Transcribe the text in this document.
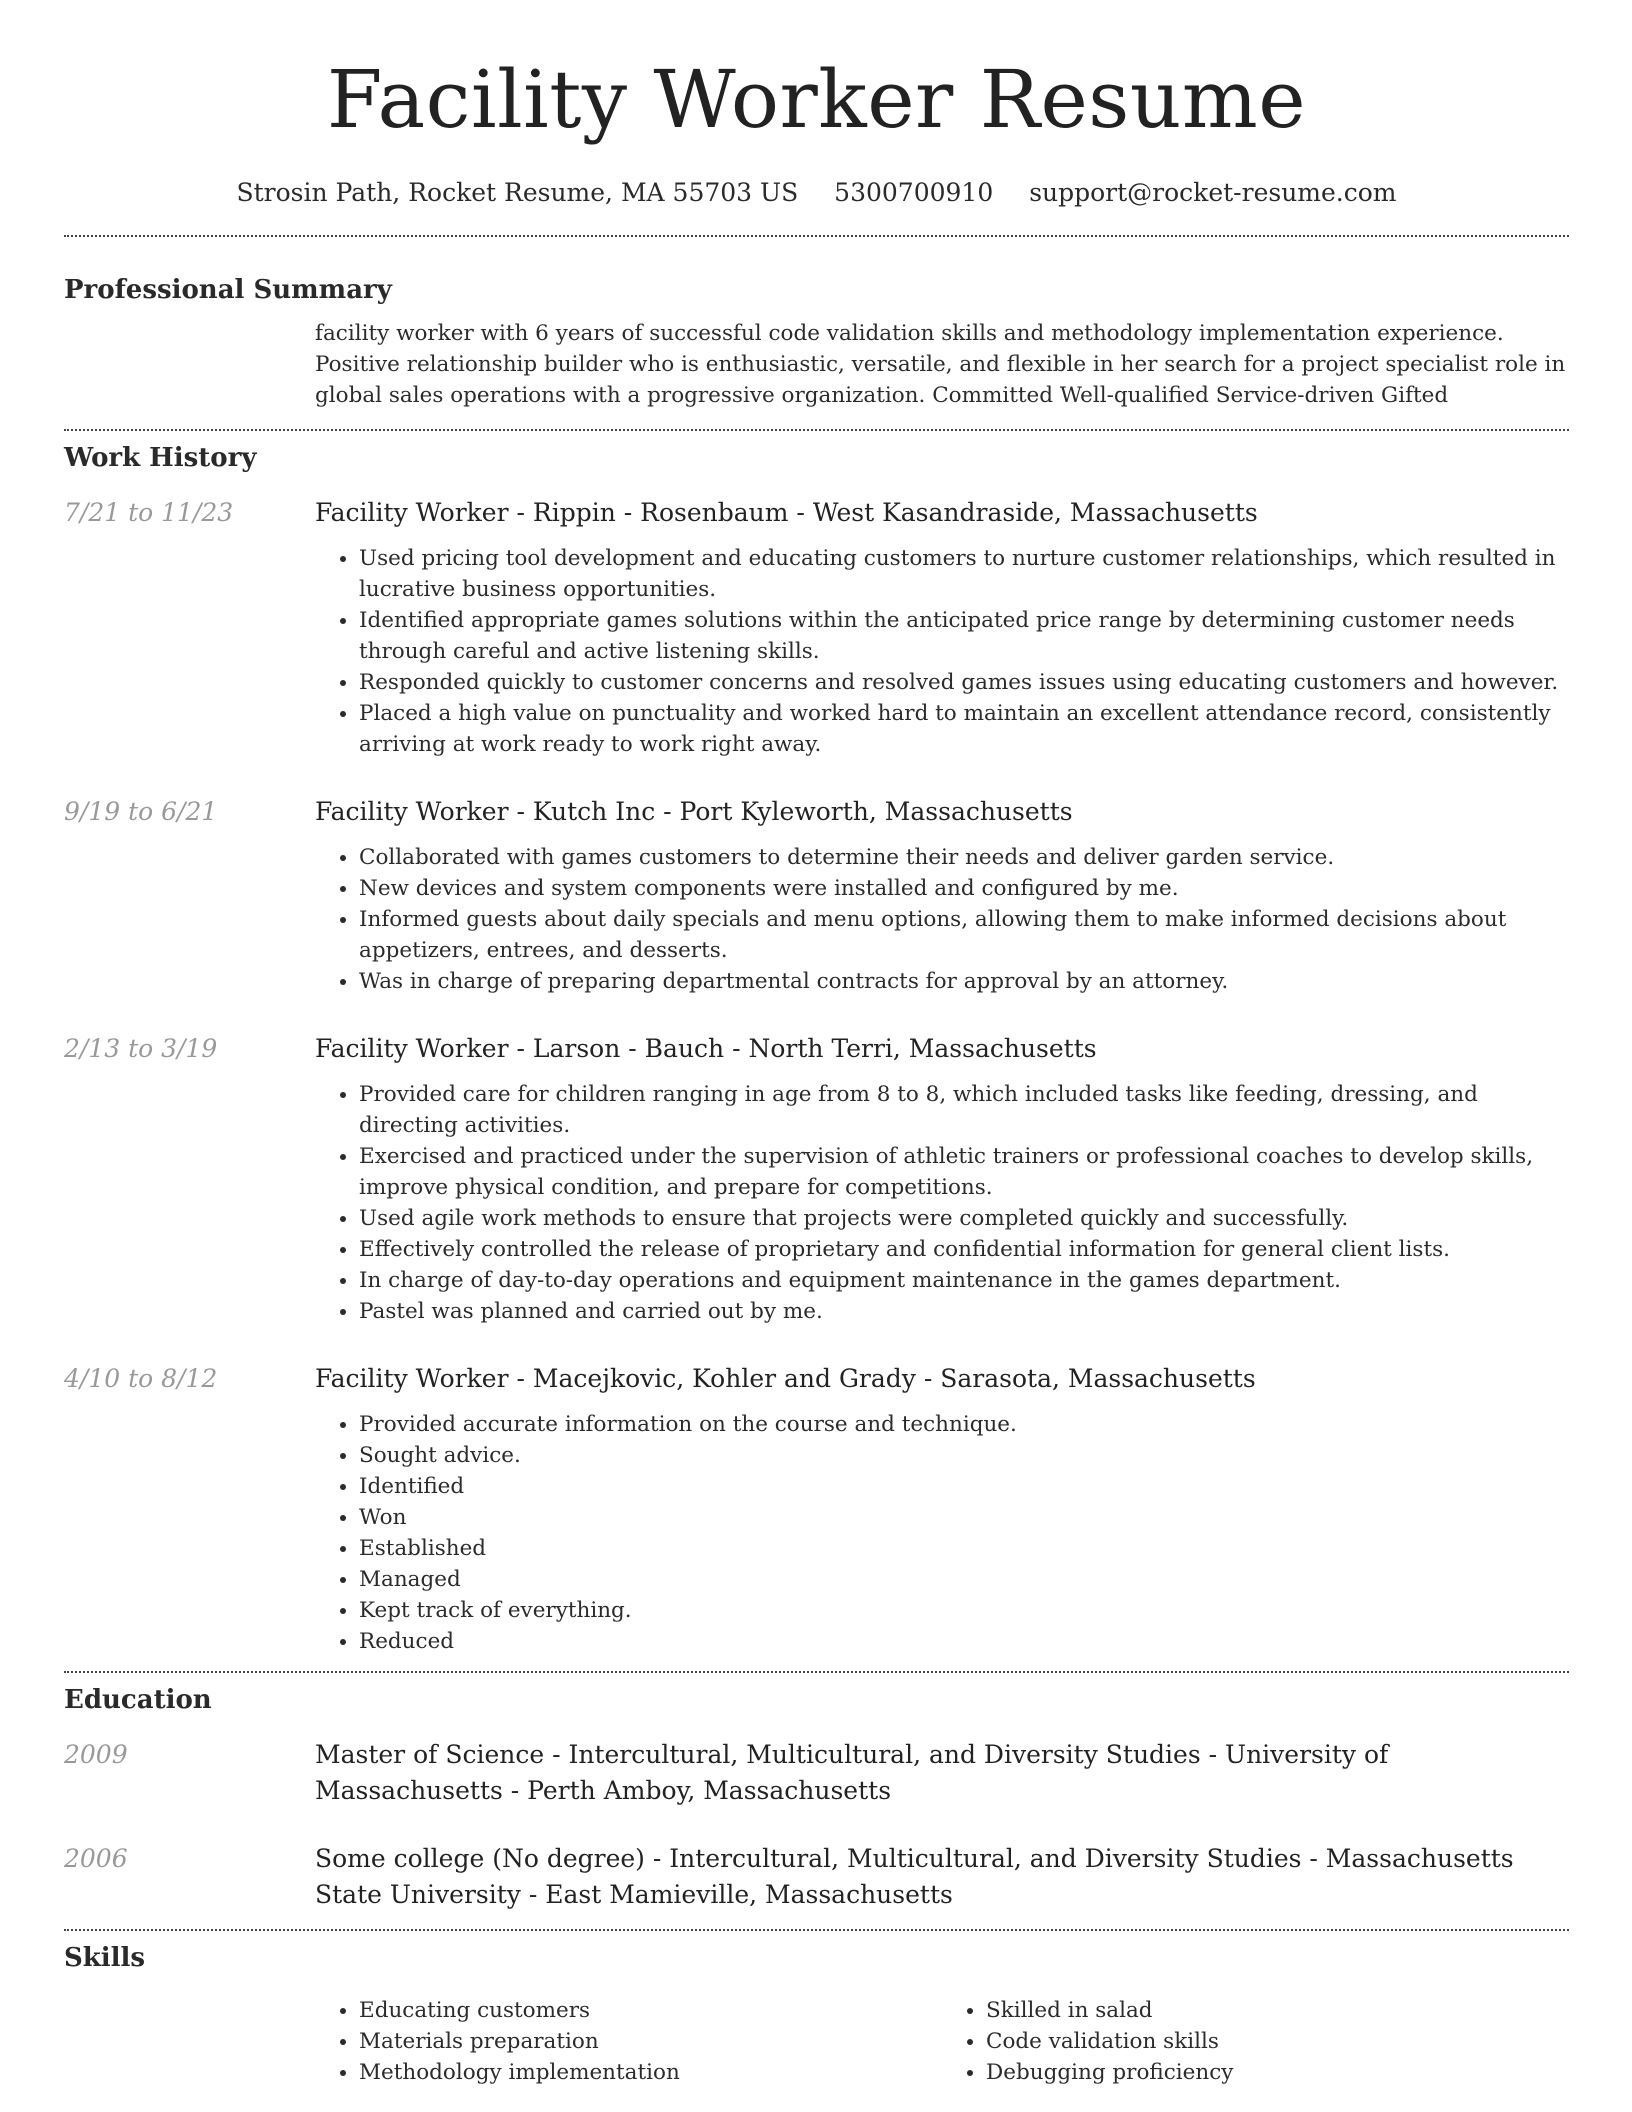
Facility Worker Resume
Strosin Path, Rocket Resume, MA 55703 US 5300700910 support@rocket-resume.com
Professional Summary
facility worker with 6 years of successful code validation skills and methodology implementation experience. Positive relationship builder who is enthusiastic, versatile, and flexible in her search for a project specialist role in global sales operations with a progressive organization. Committed Well-qualified Service-driven Gifted
Work History
7/21 to 11/23	Facility Worker - Rippin - Rosenbaum - West Kasandraside, Massachusetts
• Used pricing tool development and educating customers to nurture customer relationships, which resulted in lucrative business opportunities.
• Identified appropriate games solutions within the anticipated price range by determining customer needs through careful and active listening skills.
• Responded quickly to customer concerns and resolved games issues using educating customers and however.
• Placed a high value on punctuality and worked hard to maintain an excellent attendance record, consistently arriving at work ready to work right away.
9/19 to 6/21	Facility Worker - Kutch Inc - Port Kyleworth, Massachusetts
• Collaborated with games customers to determine their needs and deliver garden service.
• New devices and system components were installed and configured by me.
• Informed guests about daily specials and menu options, allowing them to make informed decisions about appetizers, entrees, and desserts.
• Was in charge of preparing departmental contracts for approval by an attorney.
2/13 to 3/19	Facility Worker - Larson - Bauch - North Terri, Massachusetts
• Provided care for children ranging in age from 8 to 8, which included tasks like feeding, dressing, and directing activities.
• Exercised and practiced under the supervision of athletic trainers or professional coaches to develop skills, improve physical condition, and prepare for competitions.
• Used agile work methods to ensure that projects were completed quickly and successfully.
• Effectively controlled the release of proprietary and confidential information for general client lists.
• In charge of day-to-day operations and equipment maintenance in the games department.
• Pastel was planned and carried out by me.
4/10 to 8/12	Facility Worker - Macejkovic, Kohler and Grady - Sarasota, Massachusetts
• Provided accurate information on the course and technique.
• Sought advice.
• Identified
• Won
• Established
• Managed
• Kept track of everything.
• Reduced
Education
2009	Master of Science - Intercultural, Multicultural, and Diversity Studies - University of Massachusetts - Perth Amboy, Massachusetts
2006	Some college (No degree) - Intercultural, Multicultural, and Diversity Studies - Massachusetts State University - East Mamieville, Massachusetts
Skills
• Educating customers
• Materials preparation
• Methodology implementation
• Skilled in salad
• Code validation skills
• Debugging proficiency
